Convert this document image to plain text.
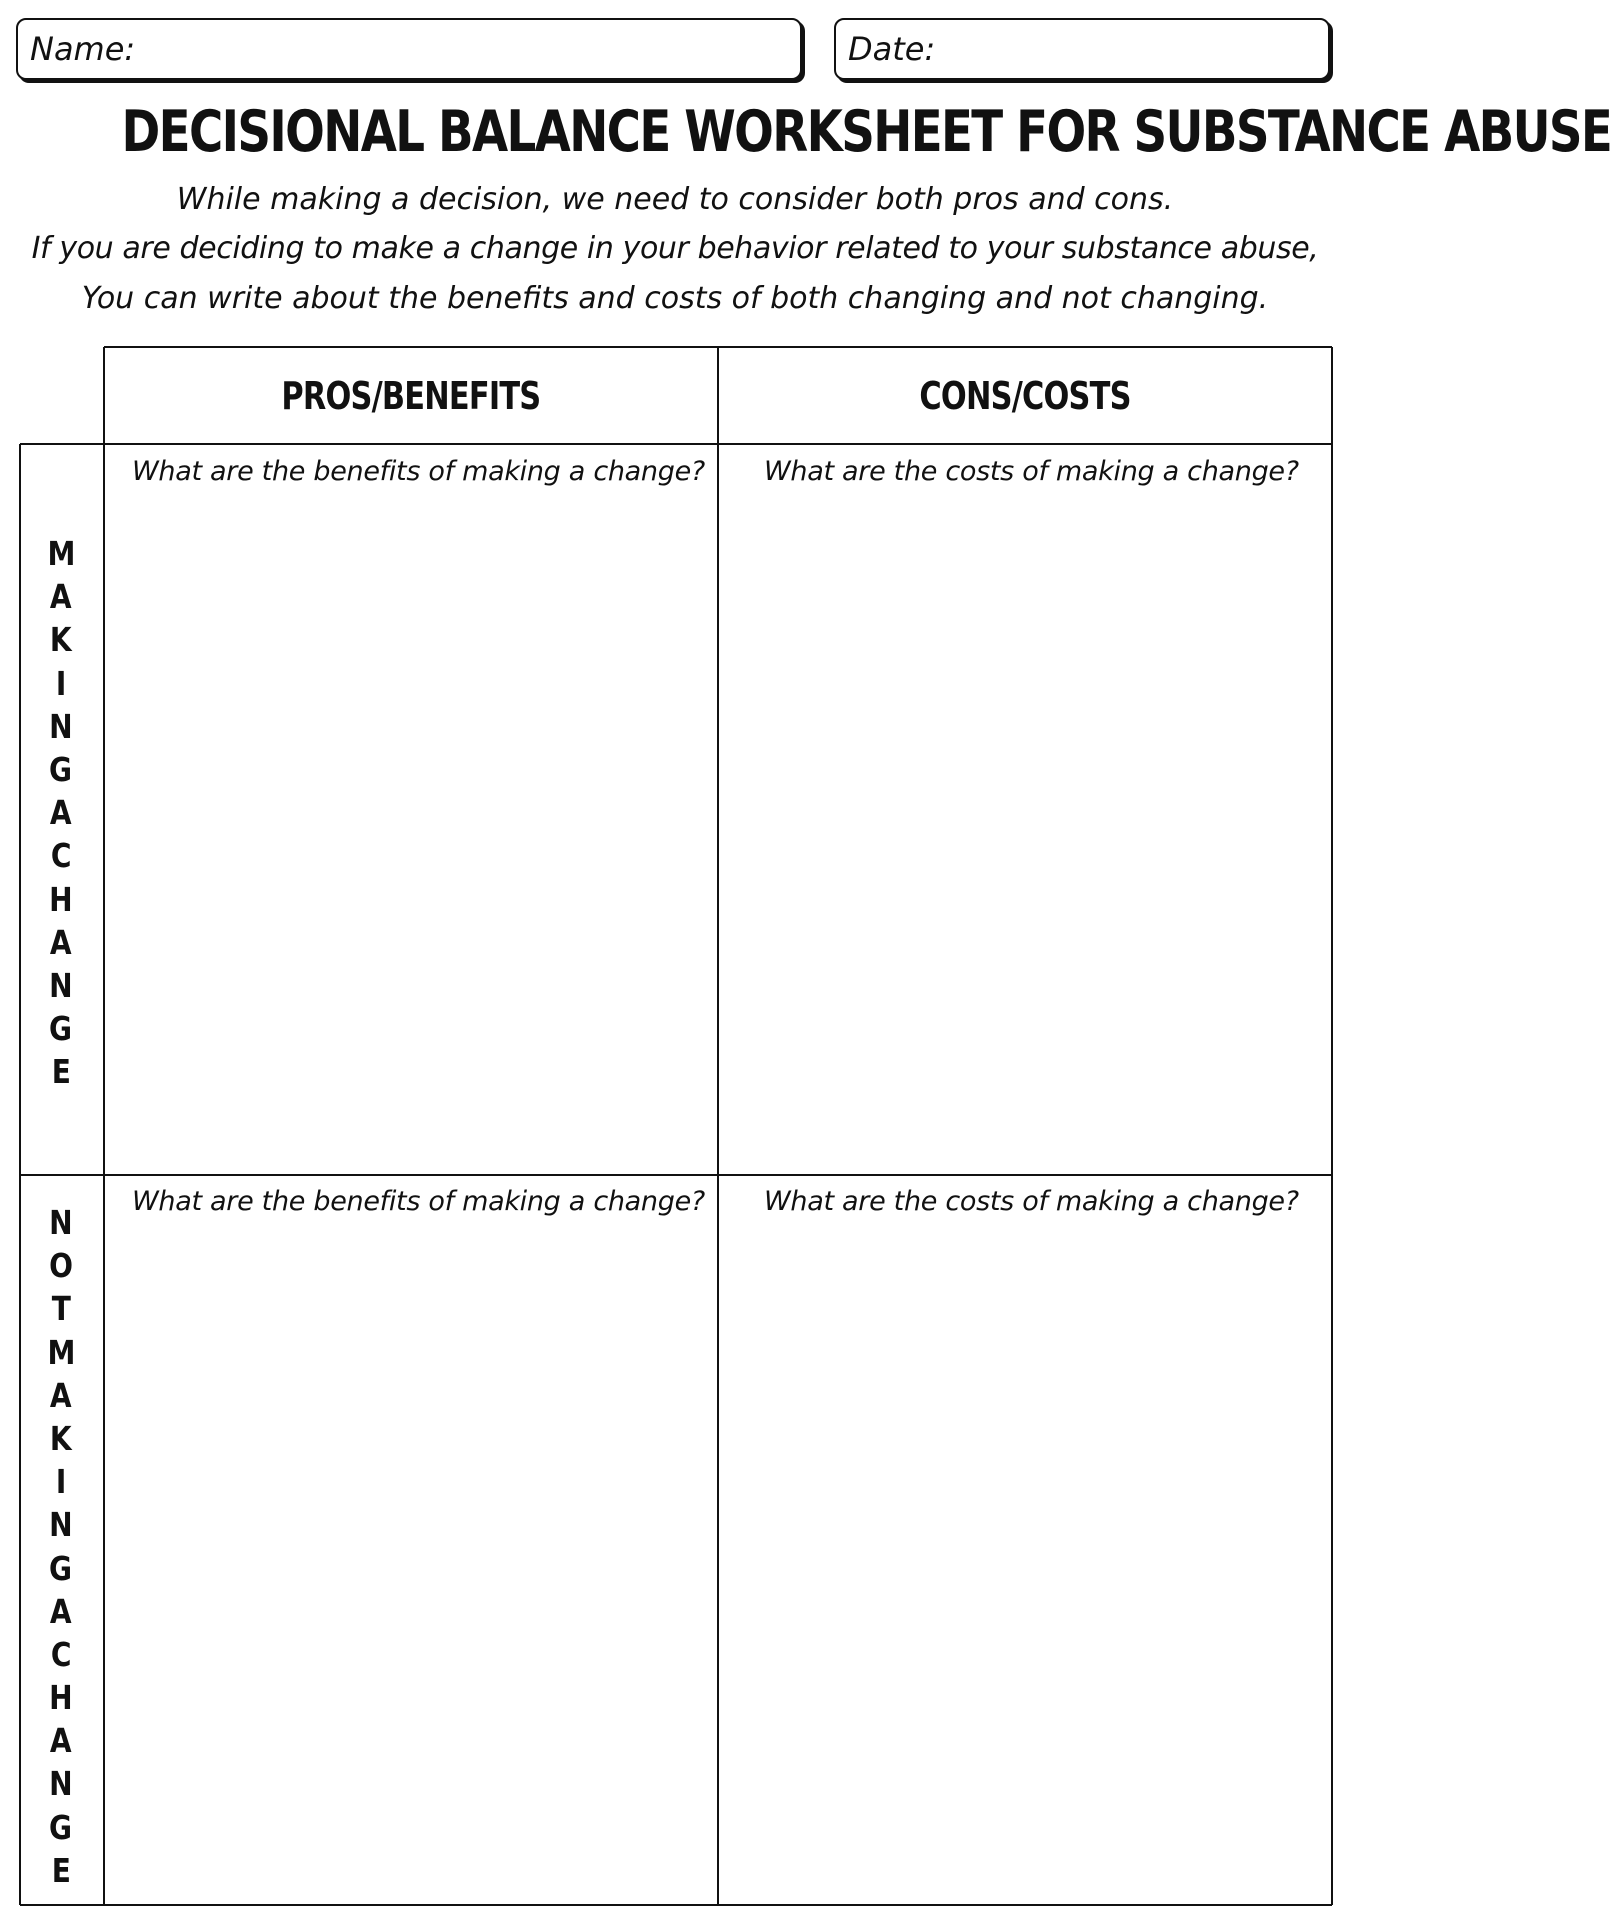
Name:	Date:
DECISIONAL BALANCE WORKSHEET FOR SUBSTANCE ABUSE
While making a decision, we need to consider both pros and cons.
If you are deciding to make a change in your behavior related to your substance abuse,
You can write about the benefits and costs of both changing and not changing.
PROS/BENEFITS	CONS/COSTS
What are the benefits of making a change? What are the costs of making a change?
What are the benefits of making a change? What are the costs of making a change?
M
A
K
I
N
G
A
C
H
A
N
G
E
N
O
T
M
A
K
I
N
G
A
C
H
A
N
G
E
